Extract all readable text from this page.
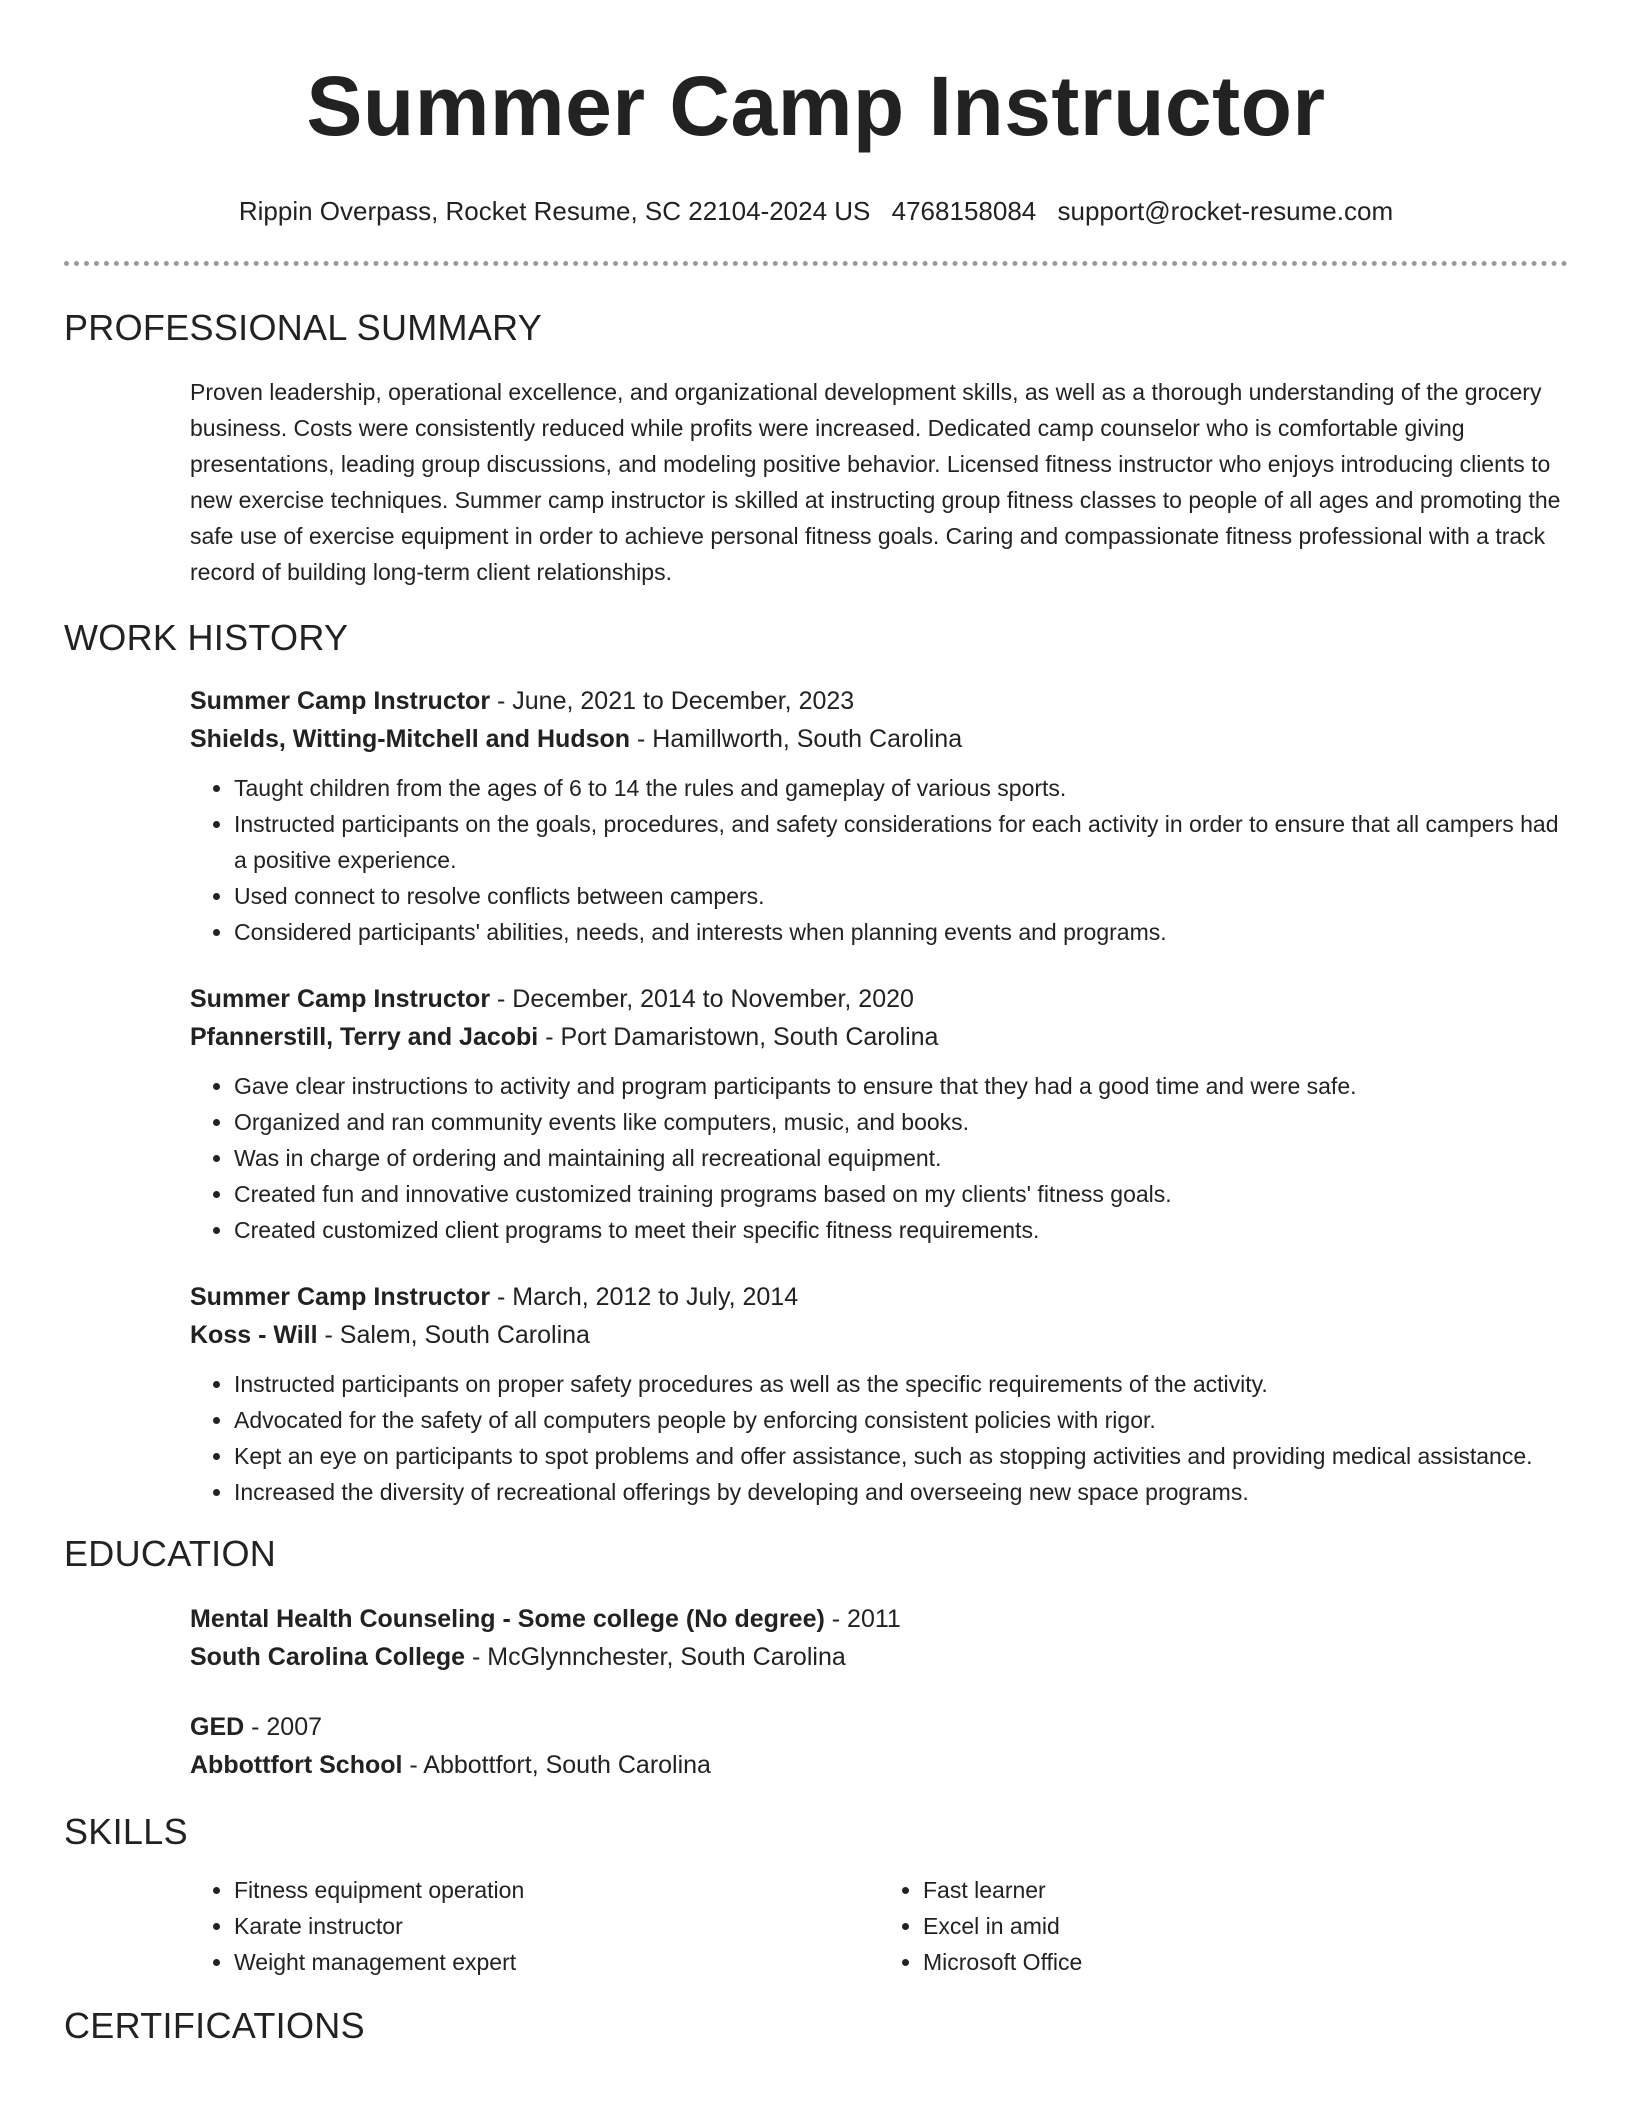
Summer Camp Instructor
Rippin Overpass, Rocket Resume, SC 22104-2024 US 4768158084 support@rocket-resume.com
PROFESSIONAL SUMMARY

Proven leadership, operational excellence, and organizational development skills, as well as a thorough understanding of the grocery business. Costs were consistently reduced while profits were increased. Dedicated camp counselor who is comfortable giving presentations, leading group discussions, and modeling positive behavior. Licensed fitness instructor who enjoys introducing clients to new exercise techniques. Summer camp instructor is skilled at instructing group fitness classes to people of all ages and promoting the safe use of exercise equipment in order to achieve personal fitness goals. Caring and compassionate fitness professional with a track record of building long-term client relationships.

WORK HISTORY
Summer Camp Instructor - June, 2021 to December, 2023
Shields, Witting-Mitchell and Hudson - Hamillworth, South Carolina
• Taught children from the ages of 6 to 14 the rules and gameplay of various sports.
• Instructed participants on the goals, procedures, and safety considerations for each activity in order to ensure that all campers had a positive experience.
• Used connect to resolve conflicts between campers.
• Considered participants' abilities, needs, and interests when planning events and programs.
Summer Camp Instructor - December, 2014 to November, 2020
Pfannerstill, Terry and Jacobi - Port Damaristown, South Carolina
• Gave clear instructions to activity and program participants to ensure that they had a good time and were safe.
• Organized and ran community events like computers, music, and books.
• Was in charge of ordering and maintaining all recreational equipment.
• Created fun and innovative customized training programs based on my clients' fitness goals.
• Created customized client programs to meet their specific fitness requirements.
Summer Camp Instructor - March, 2012 to July, 2014
Koss - Will - Salem, South Carolina
• Instructed participants on proper safety procedures as well as the specific requirements of the activity.
• Advocated for the safety of all computers people by enforcing consistent policies with rigor.
• Kept an eye on participants to spot problems and offer assistance, such as stopping activities and providing medical assistance.
• Increased the diversity of recreational offerings by developing and overseeing new space programs.
EDUCATION
Mental Health Counseling - Some college (No degree) - 2011
South Carolina College - McGlynnchester, South Carolina
GED - 2007
Abbottfort School - Abbottfort, South Carolina
SKILLS
• Fitness equipment operation
• Karate instructor
• Weight management expert
• Fast learner
• Excel in amid
• Microsoft Office
CERTIFICATIONS
